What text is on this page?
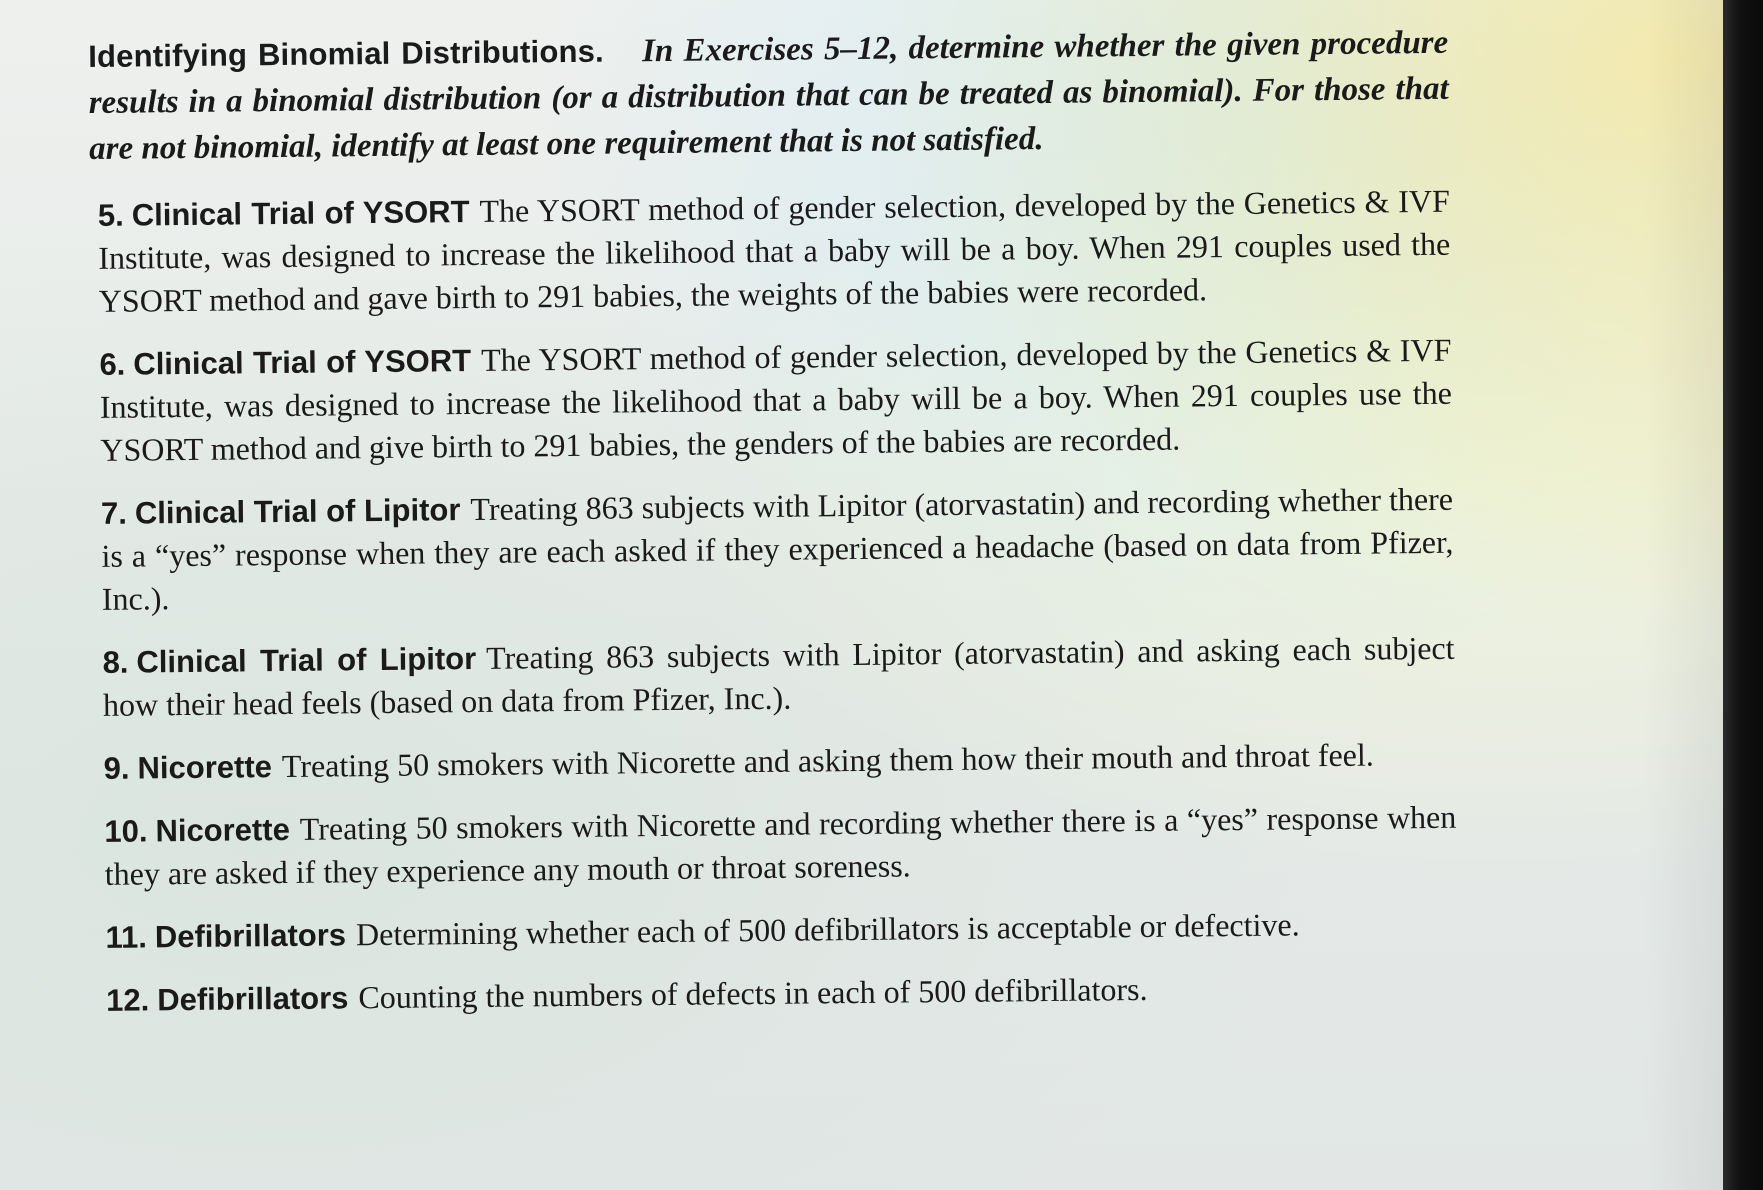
Identifying Binomial Distributions. In Exercises 5–12, determine whether the given procedure results in a binomial distribution (or a distribution that can be treated as binomial). For those that are not binomial, identify at least one requirement that is not satisfied.

5. Clinical Trial of YSORT The YSORT method of gender selection, developed by the Genetics & IVF Institute, was designed to increase the likelihood that a baby will be a boy. When 291 couples used the YSORT method and gave birth to 291 babies, the weights of the babies were recorded.

6. Clinical Trial of YSORT The YSORT method of gender selection, developed by the Genetics & IVF Institute, was designed to increase the likelihood that a baby will be a boy. When 291 couples use the YSORT method and give birth to 291 babies, the genders of the babies are recorded.

7. Clinical Trial of Lipitor Treating 863 subjects with Lipitor (atorvastatin) and recording whether there is a “yes” response when they are each asked if they experienced a headache (based on data from Pfizer, Inc.).

8. Clinical Trial of Lipitor Treating 863 subjects with Lipitor (atorvastatin) and asking each subject how their head feels (based on data from Pfizer, Inc.).

9. Nicorette Treating 50 smokers with Nicorette and asking them how their mouth and throat feel.

10. Nicorette Treating 50 smokers with Nicorette and recording whether there is a “yes” response when they are asked if they experience any mouth or throat soreness.

11. Defibrillators Determining whether each of 500 defibrillators is acceptable or defective.

12. Defibrillators Counting the numbers of defects in each of 500 defibrillators.
